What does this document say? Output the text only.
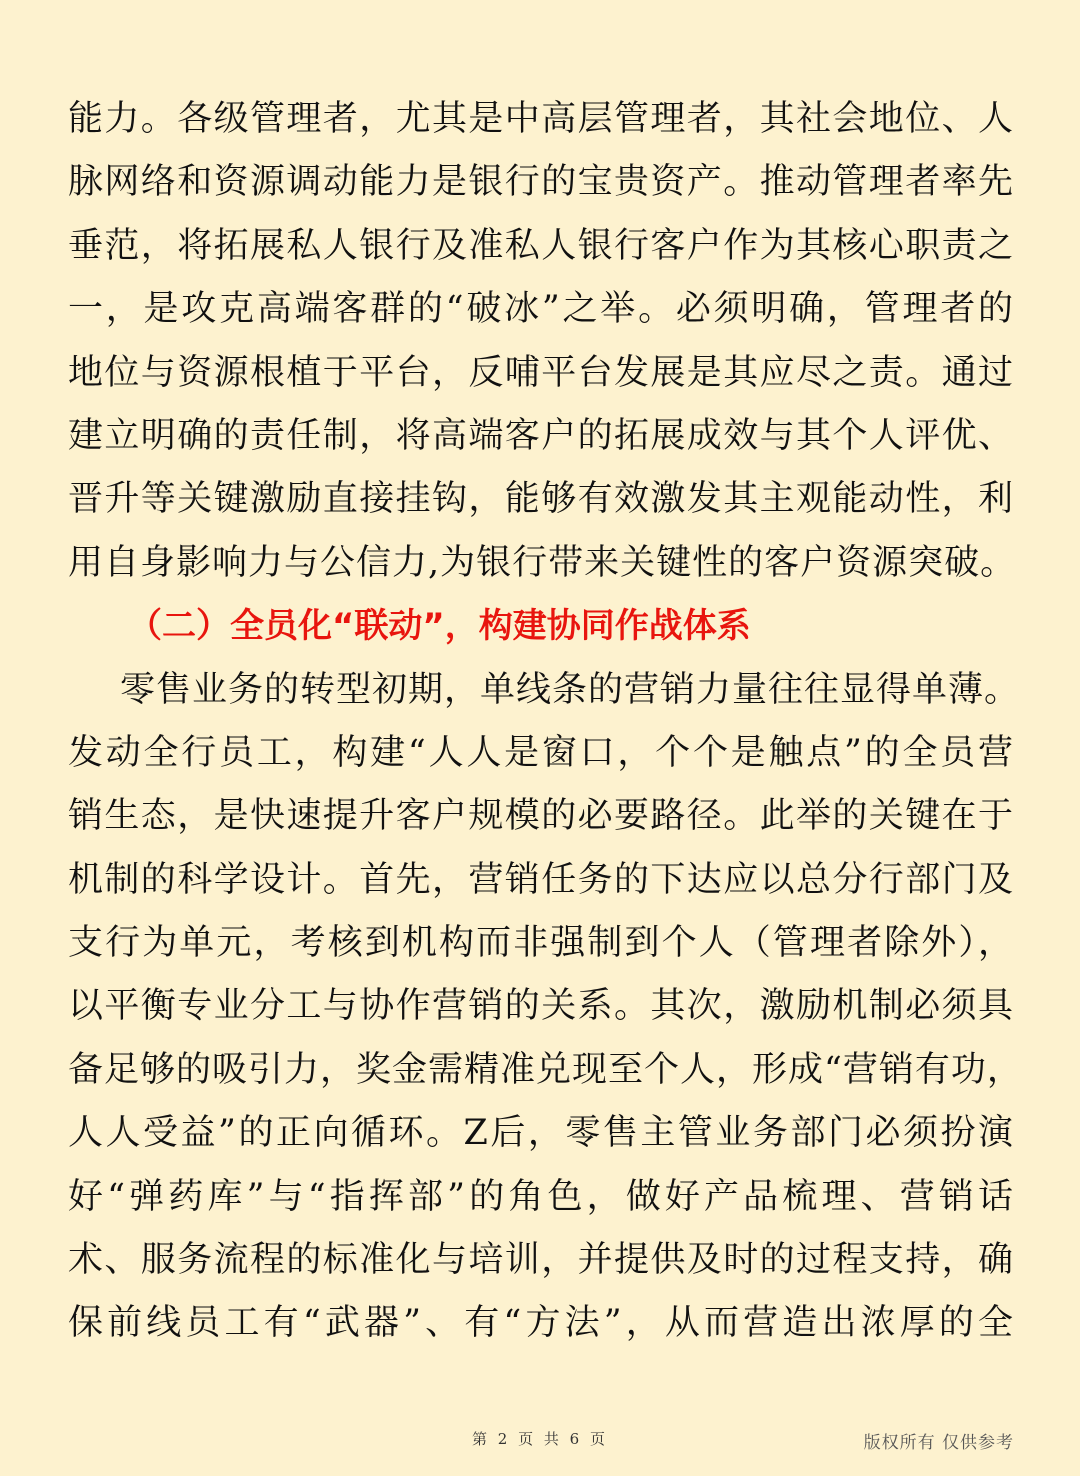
能力。各级管理者，尤其是中高层管理者，其社会地位、人
脉网络和资源调动能力是银行的宝贵资产。推动管理者率先
垂范，将拓展私人银行及准私人银行客户作为其核心职责之
一，是攻克高端客群的“破冰”之举。必须明确，管理者的
地位与资源根植于平台，反哺平台发展是其应尽之责。通过
建立明确的责任制，将高端客户的拓展成效与其个人评优、
晋升等关键激励直接挂钩，能够有效激发其主观能动性，利
用自身影响力与公信力,为银行带来关键性的客户资源突破。
（二）全员化“联动”，构建协同作战体系
零售业务的转型初期，单线条的营销力量往往显得单薄。
发动全行员工，构建“人人是窗口，个个是触点”的全员营
销生态，是快速提升客户规模的必要路径。此举的关键在于
机制的科学设计。首先，营销任务的下达应以总分行部门及
支行为单元，考核到机构而非强制到个人（管理者除外），
以平衡专业分工与协作营销的关系。其次，激励机制必须具
备足够的吸引力，奖金需精准兑现至个人，形成“营销有功，
人人受益”的正向循环。Z后，零售主管业务部门必须扮演
好“弹药库”与“指挥部”的角色，做好产品梳理、营销话
术、服务流程的标准化与培训，并提供及时的过程支持，确
保前线员工有“武器”、有“方法”，从而营造出浓厚的全
第 2 页 共 6 页	版权所有 仅供参考
